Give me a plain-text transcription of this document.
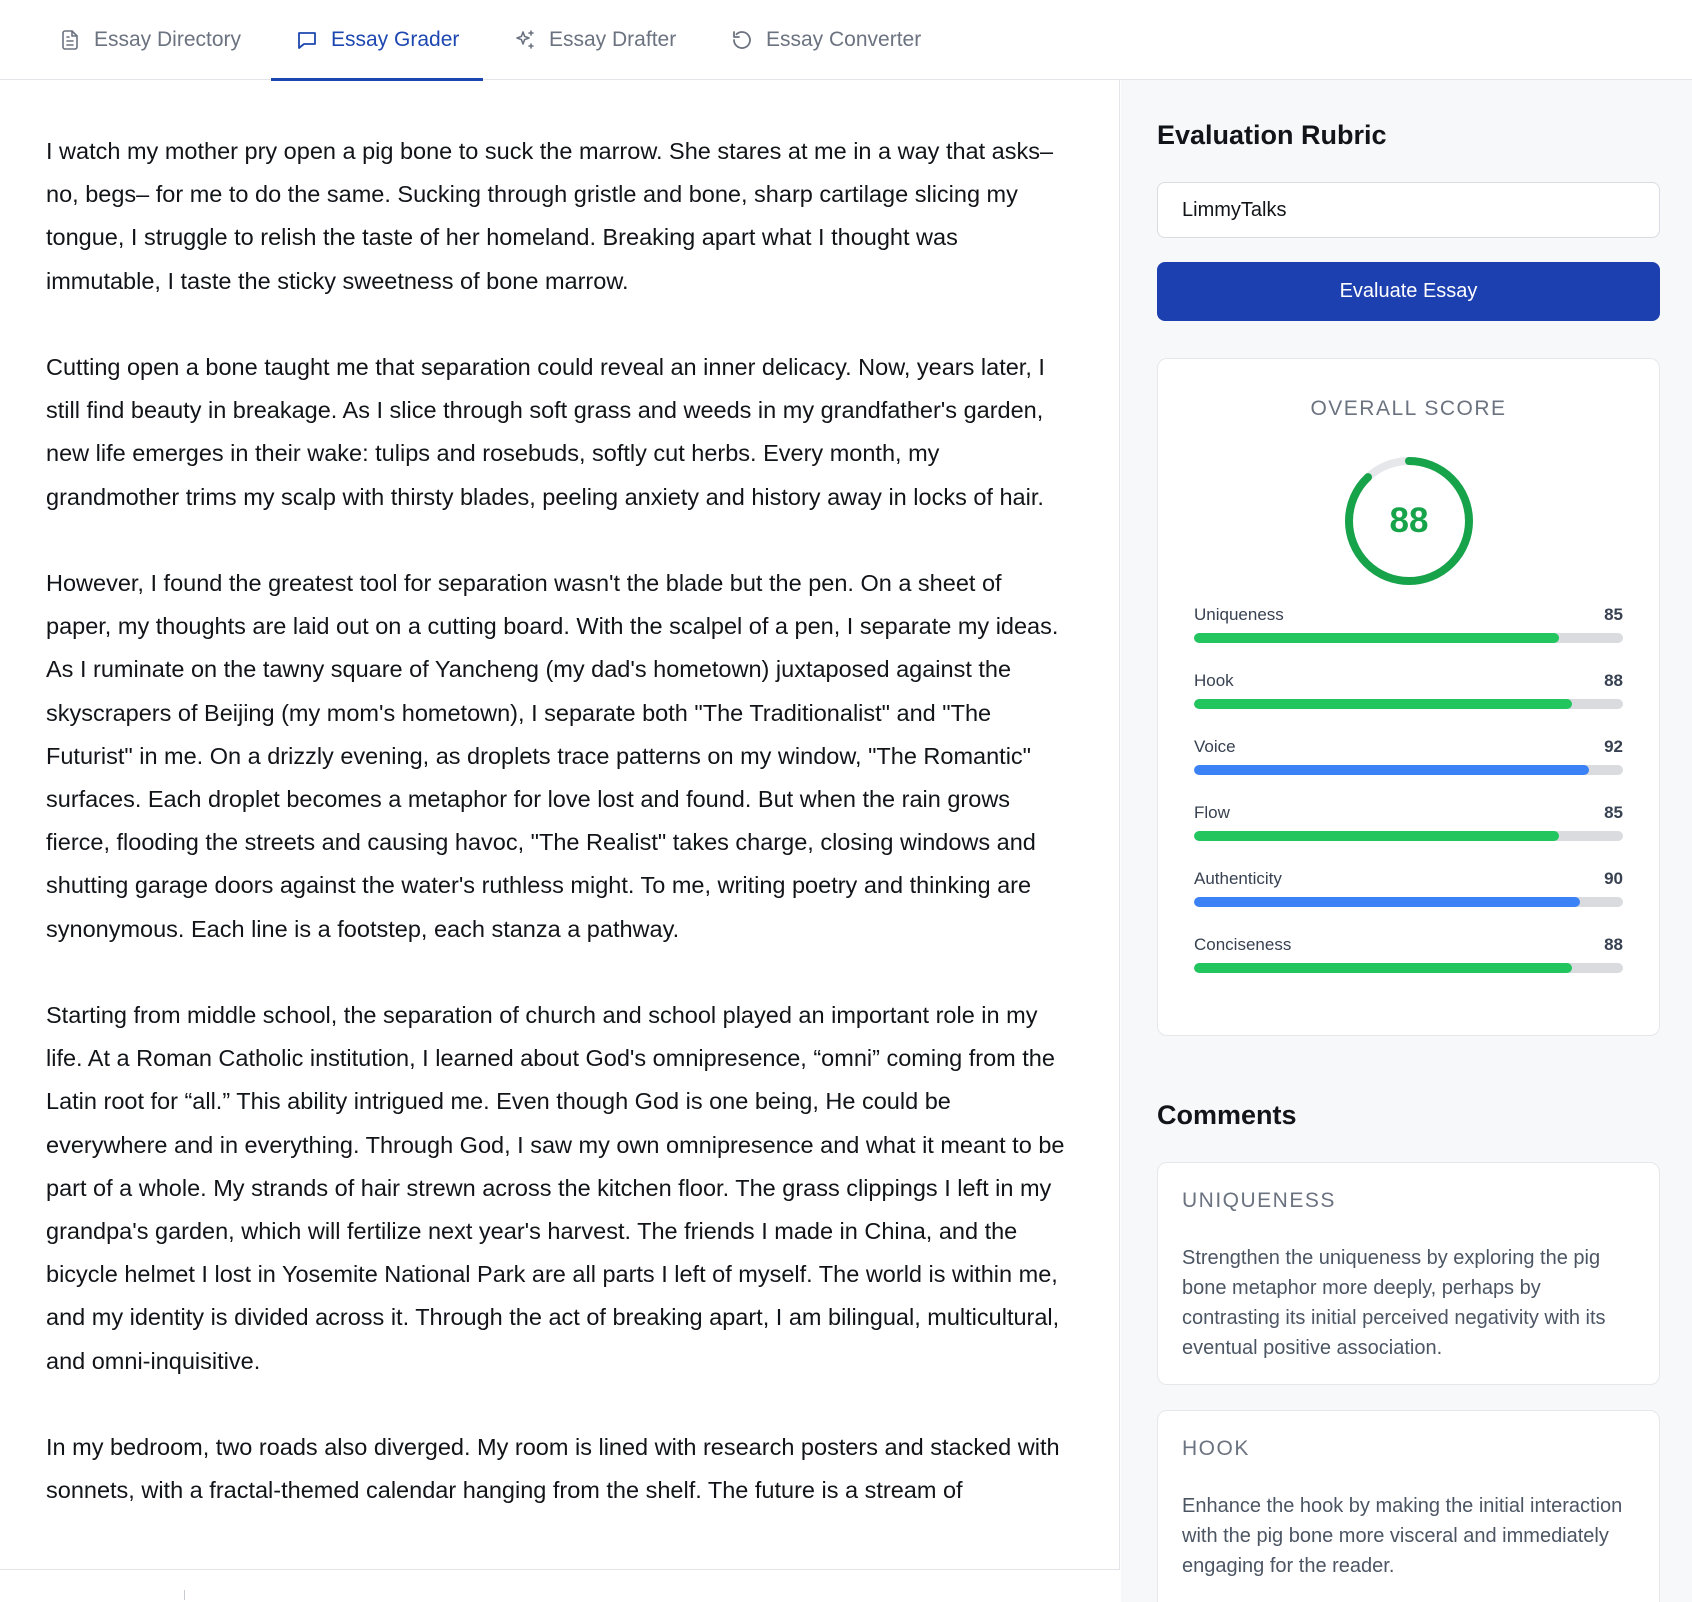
Essay Directory	Essay Grader	Essay Drafter	Essay Converter

I watch my mother pry open a pig bone to suck the marrow. She stares at me in a way that asks–no, begs– for me to do the same. Sucking through gristle and bone, sharp cartilage slicing my tongue, I struggle to relish the taste of her homeland. Breaking apart what I thought was immutable, I taste the sticky sweetness of bone marrow.

Cutting open a bone taught me that separation could reveal an inner delicacy. Now, years later, I still find beauty in breakage. As I slice through soft grass and weeds in my grandfather's garden, new life emerges in their wake: tulips and rosebuds, softly cut herbs. Every month, my grandmother trims my scalp with thirsty blades, peeling anxiety and history away in locks of hair.

However, I found the greatest tool for separation wasn't the blade but the pen. On a sheet of paper, my thoughts are laid out on a cutting board. With the scalpel of a pen, I separate my ideas. As I ruminate on the tawny square of Yancheng (my dad's hometown) juxtaposed against the skyscrapers of Beijing (my mom's hometown), I separate both "The Traditionalist" and "The Futurist" in me. On a drizzly evening, as droplets trace patterns on my window, "The Romantic" surfaces. Each droplet becomes a metaphor for love lost and found. But when the rain grows fierce, flooding the streets and causing havoc, "The Realist" takes charge, closing windows and shutting garage doors against the water's ruthless might. To me, writing poetry and thinking are synonymous. Each line is a footstep, each stanza a pathway.

Starting from middle school, the separation of church and school played an important role in my life. At a Roman Catholic institution, I learned about God's omnipresence, “omni” coming from the Latin root for “all.” This ability intrigued me. Even though God is one being, He could be everywhere and in everything. Through God, I saw my own omnipresence and what it meant to be part of a whole. My strands of hair strewn across the kitchen floor. The grass clippings I left in my grandpa's garden, which will fertilize next year's harvest. The friends I made in China, and the bicycle helmet I lost in Yosemite National Park are all parts I left of myself. The world is within me, and my identity is divided across it. Through the act of breaking apart, I am bilingual, multicultural, and omni-inquisitive.

In my bedroom, two roads also diverged. My room is lined with research posters and stacked with sonnets, with a fractal-themed calendar hanging from the shelf. The future is a stream of

Evaluation Rubric
LimmyTalks
Evaluate Essay
OVERALL SCORE
88
Uniqueness	85
Hook	88
Voice	92
Flow	85
Authenticity	90
Conciseness	88
Comments
UNIQUENESS
Strengthen the uniqueness by exploring the pig bone metaphor more deeply, perhaps by contrasting its initial perceived negativity with its eventual positive association.
HOOK
Enhance the hook by making the initial interaction with the pig bone more visceral and immediately engaging for the reader.
